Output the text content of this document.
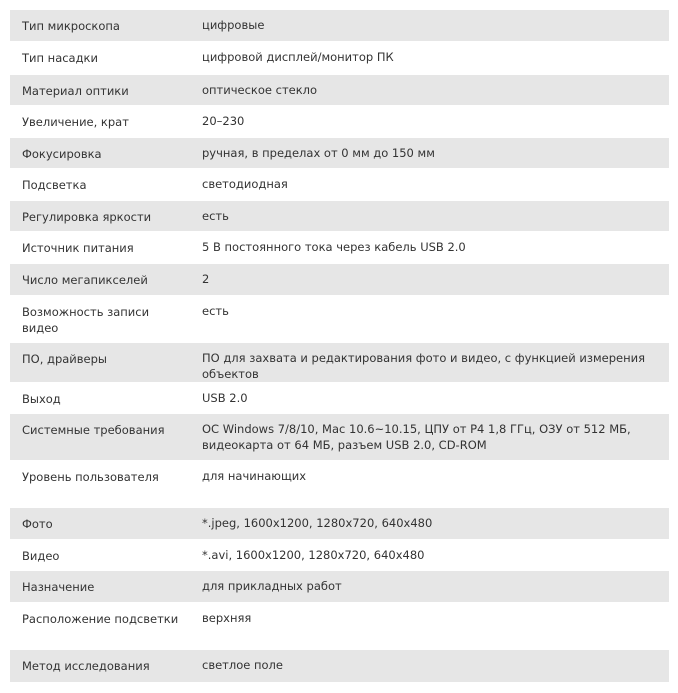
Тип микроскопа	цифровые
Тип насадки	цифровой дисплей/монитор ПК
Материал оптики	оптическое стекло
Увеличение, крат	20–230
Фокусировка	ручная, в пределах от 0 мм до 150 мм
Подсветка	светодиодная
Регулировка яркости	есть
Источник питания	5 В постоянного тока через кабель USB 2.0
Число мегапикселей	2
Возможность записи видео	есть
ПО, драйверы	ПО для захвата и редактирования фото и видео, с функцией измерения объектов
Выход	USB 2.0
Системные требования	ОС Windows 7/8/10, Mac 10.6~10.15, ЦПУ от P4 1,8 ГГц, ОЗУ от 512 МБ, видеокарта от 64 МБ, разъем USB 2.0, CD-ROM
Уровень пользователя	для начинающих
Фото	*.jpeg, 1600x1200, 1280x720, 640x480
Видео	*.avi, 1600x1200, 1280x720, 640x480
Назначение	для прикладных работ
Расположение подсветки	верхняя
Метод исследования	светлое поле
